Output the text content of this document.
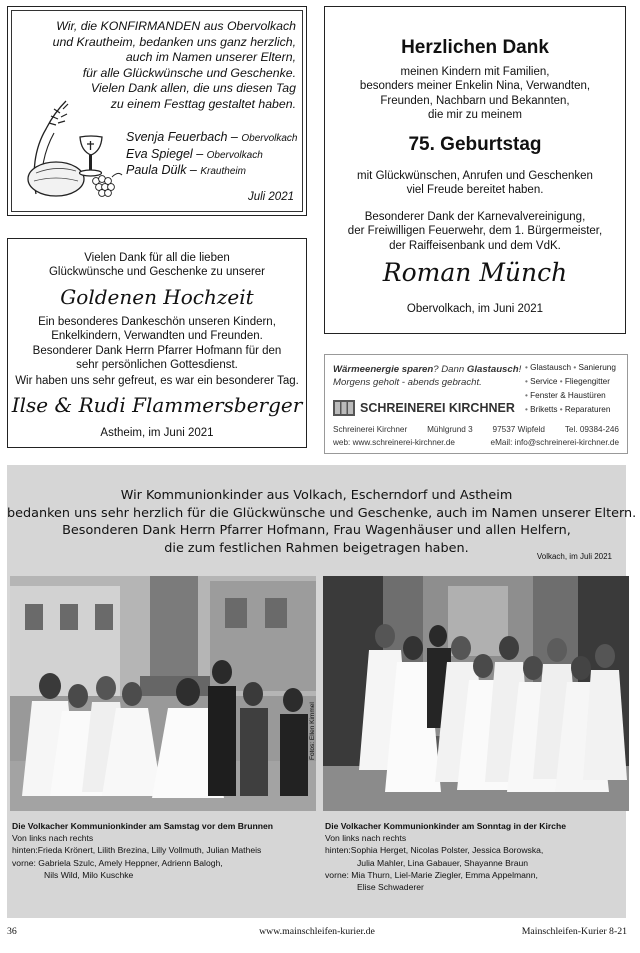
Wir, die KONFIRMANDEN aus Obervolkach
und Krautheim, bedanken uns ganz herzlich,
auch im Namen unserer Eltern,
für alle Glückwünsche und Geschenke.
Vielen Dank allen, die uns diesen Tag
zu einem Festtag gestaltet haben.
Svenja Feuerbach – Obervolkach
Eva Spiegel – Obervolkach
Paula Dülk – Krautheim
Juli 2021
Herzlichen Dank
meinen Kindern mit Familien,
besonders meiner Enkelin Nina, Verwandten,
Freunden, Nachbarn und Bekannten,
die mir zu meinem
75. Geburtstag
mit Glückwünschen, Anrufen und Geschenken
viel Freude bereitet haben.
Besonderer Dank der Karnevalvereinigung,
der Freiwilligen Feuerwehr, dem 1. Bürgermeister,
der Raiffeisenbank und dem VdK.
Roman Münch
Obervolkach, im Juni 2021
Vielen Dank für all die lieben
Glückwünsche und Geschenke zu unserer
Goldenen Hochzeit
Ein besonderes Dankeschön unseren Kindern,
Enkelkindern, Verwandten und Freunden.
Besonderer Dank Herrn Pfarrer Hofmann für den
sehr persönlichen Gottesdienst.
Wir haben uns sehr gefreut, es war ein besonderer Tag.
Ilse & Rudi Flammersberger
Astheim, im Juni 2021
Wärmeenergie sparen? Dann Glastausch!
Morgens geholt - abends gebracht.
SCHREINEREI KIRCHNER
• Glastausch • Sanierung
• Service • Fliegengitter
• Fenster & Haustüren
• Briketts • Reparaturen
Schreinerei Kirchner Mühlgrund 3 97537 Wipfeld Tel. 09384-246
web: www.schreinerei-kirchner.de	eMail: info@schreinerei-kirchner.de
Wir Kommunionkinder aus Volkach, Escherndorf und Astheim
bedanken uns sehr herzlich für die Glückwünsche und Geschenke, auch im Namen unserer Eltern.
Besonderen Dank Herrn Pfarrer Hofmann, Frau Wagenhäuser und allen Helfern,
die zum festlichen Rahmen beigetragen haben.
Volkach, im Juli 2021
Fotos: Ellen Kimmel
Die Volkacher Kommunionkinder am Samstag vor dem Brunnen
Von links nach rechts
hinten:Frieda Krönert, Lilith Brezina, Lilly Vollmuth, Julian Matheis
vorne: Gabriela Szulc, Amely Heppner, Adrienn Balogh,
Nils Wild, Milo Kuschke
Die Volkacher Kommunionkinder am Sonntag in der Kirche
Von links nach rechts
hinten:Sophia Herget, Nicolas Polster, Jessica Borowska,
Julia Mahler, Lina Gabauer, Shayanne Braun
vorne: Mia Thurn, Liel-Marie Ziegler, Emma Appelmann,
Elise Schwaderer
36	www.mainschleifen-kurier.de	Mainschleifen-Kurier 8-21
